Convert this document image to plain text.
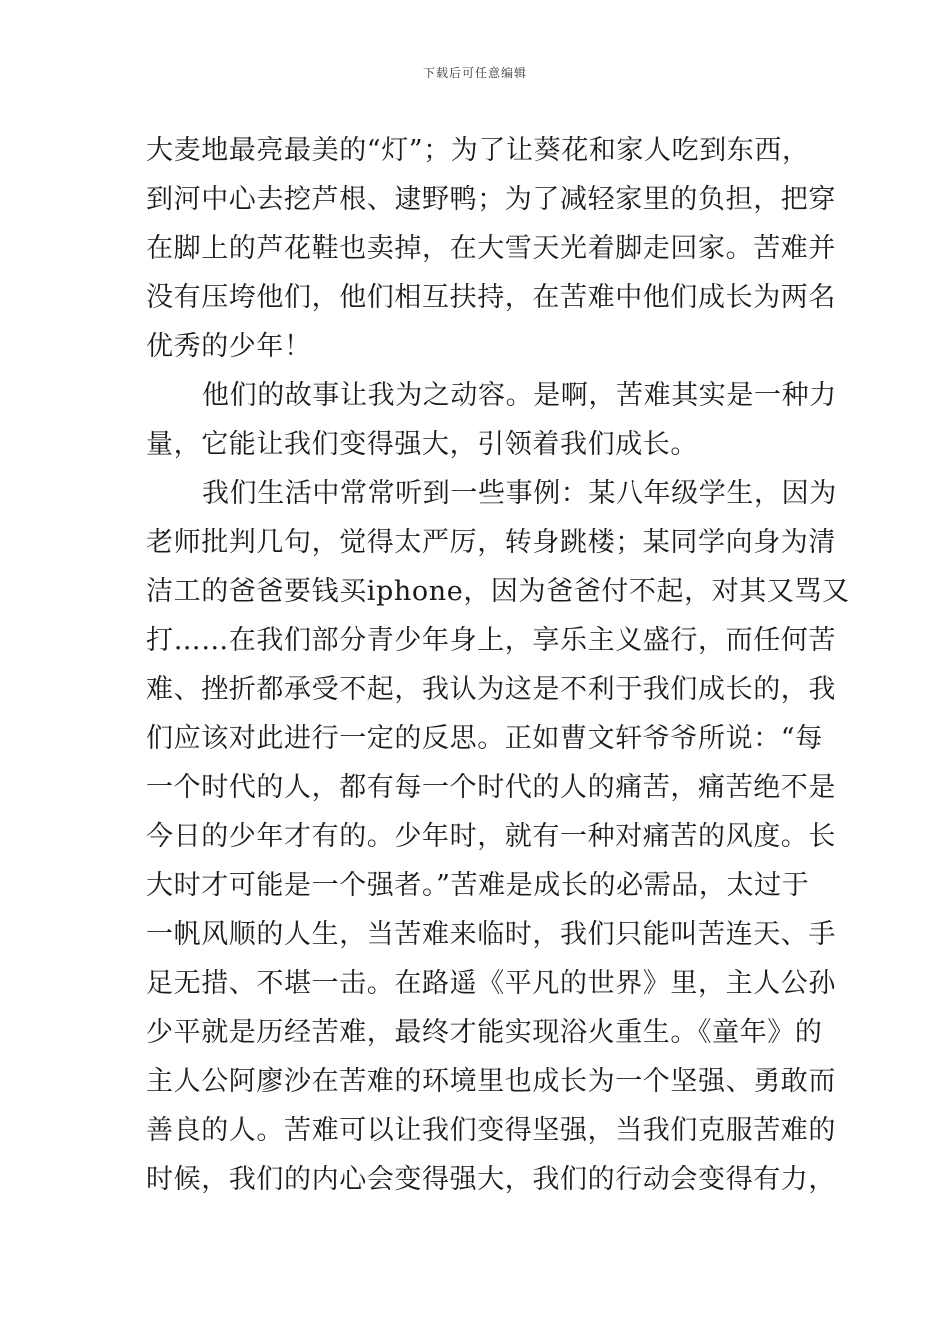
下载后可任意编辑
大麦地最亮最美的“灯”；为了让葵花和家人吃到东西，
到河中心去挖芦根、逮野鸭；为了减轻家里的负担，把穿
在脚上的芦花鞋也卖掉，在大雪天光着脚走回家。苦难并
没有压垮他们，他们相互扶持，在苦难中他们成长为两名
优秀的少年！
他们的故事让我为之动容。是啊，苦难其实是一种力
量，它能让我们变得强大，引领着我们成长。
我们生活中常常听到一些事例：某八年级学生，因为
老师批判几句，觉得太严厉，转身跳楼；某同学向身为清
洁工的爸爸要钱买iphone，因为爸爸付不起，对其又骂又
打……在我们部分青少年身上，享乐主义盛行，而任何苦
难、挫折都承受不起，我认为这是不利于我们成长的，我
们应该对此进行一定的反思。正如曹文轩爷爷所说：“每
一个时代的人，都有每一个时代的人的痛苦，痛苦绝不是
今日的少年才有的。少年时，就有一种对痛苦的风度。长
大时才可能是一个强者。”苦难是成长的必需品，太过于
一帆风顺的人生，当苦难来临时，我们只能叫苦连天、手
足无措、不堪一击。在路遥《平凡的世界》里，主人公孙
少平就是历经苦难，最终才能实现浴火重生。《童年》的
主人公阿廖沙在苦难的环境里也成长为一个坚强、勇敢而
善良的人。苦难可以让我们变得坚强，当我们克服苦难的
时候，我们的内心会变得强大，我们的行动会变得有力，
